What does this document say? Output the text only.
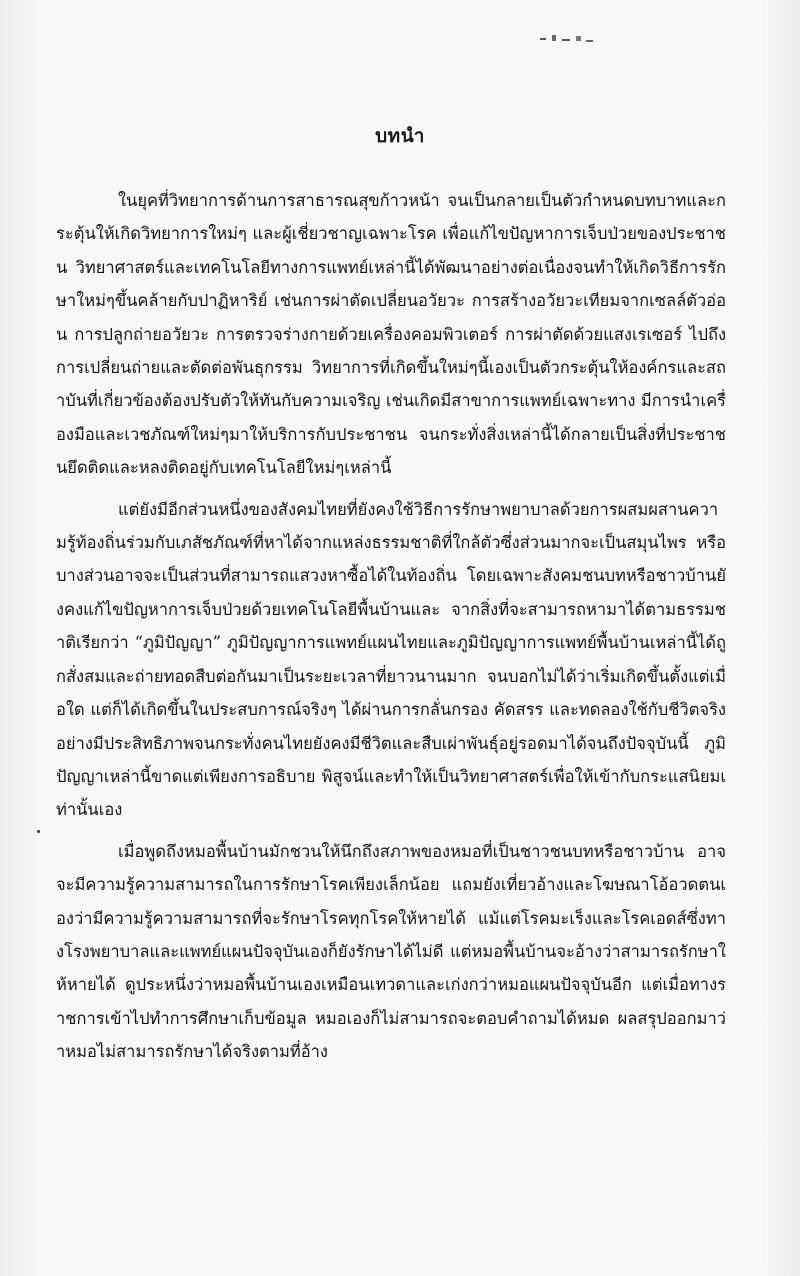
บทนำ

ในยุคที่วิทยาการด้านการสาธารณสุขก้าวหน้า จนเป็นกลายเป็นตัวกำหนดบทบาทและกระตุ้นให้เกิดวิทยาการใหม่ๆ และผู้เชี่ยวชาญเฉพาะโรค เพื่อแก้ไขปัญหาการเจ็บป่วยของประชาชน วิทยาศาสตร์และเทคโนโลยีทางการแพทย์เหล่านี้ได้พัฒนาอย่างต่อเนื่องจนทำให้เกิดวิธีการรักษาใหม่ๆขึ้นคล้ายกับปาฏิหาริย์ เช่นการผ่าตัดเปลี่ยนอวัยวะ การสร้างอวัยวะเทียมจากเซลล์ตัวอ่อน การปลูกถ่ายอวัยวะ การตรวจร่างกายด้วยเครื่องคอมพิวเตอร์ การผ่าตัดด้วยแสงเรเซอร์ ไปถึงการเปลี่ยนถ่ายและตัดต่อพันธุกรรม วิทยาการที่เกิดขึ้นใหม่ๆนี้เองเป็นตัวกระตุ้นให้องค์กรและสถาบันที่เกี่ยวข้องต้องปรับตัวให้ทันกับความเจริญ เช่นเกิดมีสาขาการแพทย์เฉพาะทาง มีการนำเครื่องมือและเวชภัณฑ์ใหม่ๆมาให้บริการกับประชาชน จนกระทั่งสิ่งเหล่านี้ได้กลายเป็นสิ่งที่ประชาชนยึดติดและหลงติดอยู่กับเทคโนโลยีใหม่ๆเหล่านี้

แต่ยังมีอีกส่วนหนึ่งของสังคมไทยที่ยังคงใช้วิธีการรักษาพยาบาลด้วยการผสมผสานความรู้ท้องถิ่นร่วมกับเภสัชภัณฑ์ที่หาได้จากแหล่งธรรมชาติที่ใกล้ตัวซึ่งส่วนมากจะเป็นสมุนไพร หรือบางส่วนอาจจะเป็นส่วนที่สามารถแสวงหาซื้อได้ในท้องถิ่น โดยเฉพาะสังคมชนบทหรือชาวบ้านยังคงแก้ไขปัญหาการเจ็บป่วยด้วยเทคโนโลยีพื้นบ้านและ จากสิ่งที่จะสามารถหามาได้ตามธรรมชาติเรียกว่า “ภูมิปัญญา” ภูมิปัญญาการแพทย์แผนไทยและภูมิปัญญาการแพทย์พื้นบ้านเหล่านี้ได้ถูกสั่งสมและถ่ายทอดสืบต่อกันมาเป็นระยะเวลาที่ยาวนานมาก จนบอกไม่ได้ว่าเริ่มเกิดขึ้นตั้งแต่เมื่อใด แต่ก็ได้เกิดขึ้นในประสบการณ์จริงๆ ได้ผ่านการกลั่นกรอง คัดสรร และทดลองใช้กับชีวิตจริง อย่างมีประสิทธิภาพจนกระทั่งคนไทยยังคงมีชีวิตและสืบเผ่าพันธุ์อยู่รอดมาได้จนถึงปัจจุบันนี้ ภูมิปัญญาเหล่านี้ขาดแต่เพียงการอธิบาย พิสูจน์และทำให้เป็นวิทยาศาสตร์เพื่อให้เข้ากับกระแสนิยมเท่านั้นเอง

เมื่อพูดถึงหมอพื้นบ้านมักชวนให้นึกถึงสภาพของหมอที่เป็นชาวชนบทหรือชาวบ้าน อาจจะมีความรู้ความสามารถในการรักษาโรคเพียงเล็กน้อย แถมยังเที่ยวอ้างและโฆษณาโอ้อวดตนเองว่ามีความรู้ความสามารถที่จะรักษาโรคทุกโรคให้หายได้ แม้แต่โรคมะเร็งและโรคเอดส์ซึ่งทางโรงพยาบาลและแพทย์แผนปัจจุบันเองก็ยังรักษาได้ไม่ดี แต่หมอพื้นบ้านจะอ้างว่าสามารถรักษาให้หายได้ ดูประหนึ่งว่าหมอพื้นบ้านเองเหมือนเทวดาและเก่งกว่าหมอแผนปัจจุบันอีก แต่เมื่อทางราชการเข้าไปทำการศึกษาเก็บข้อมูล หมอเองก็ไม่สามารถจะตอบคำถามได้หมด ผลสรุปออกมาว่าหมอไม่สามารถรักษาได้จริงตามที่อ้าง
